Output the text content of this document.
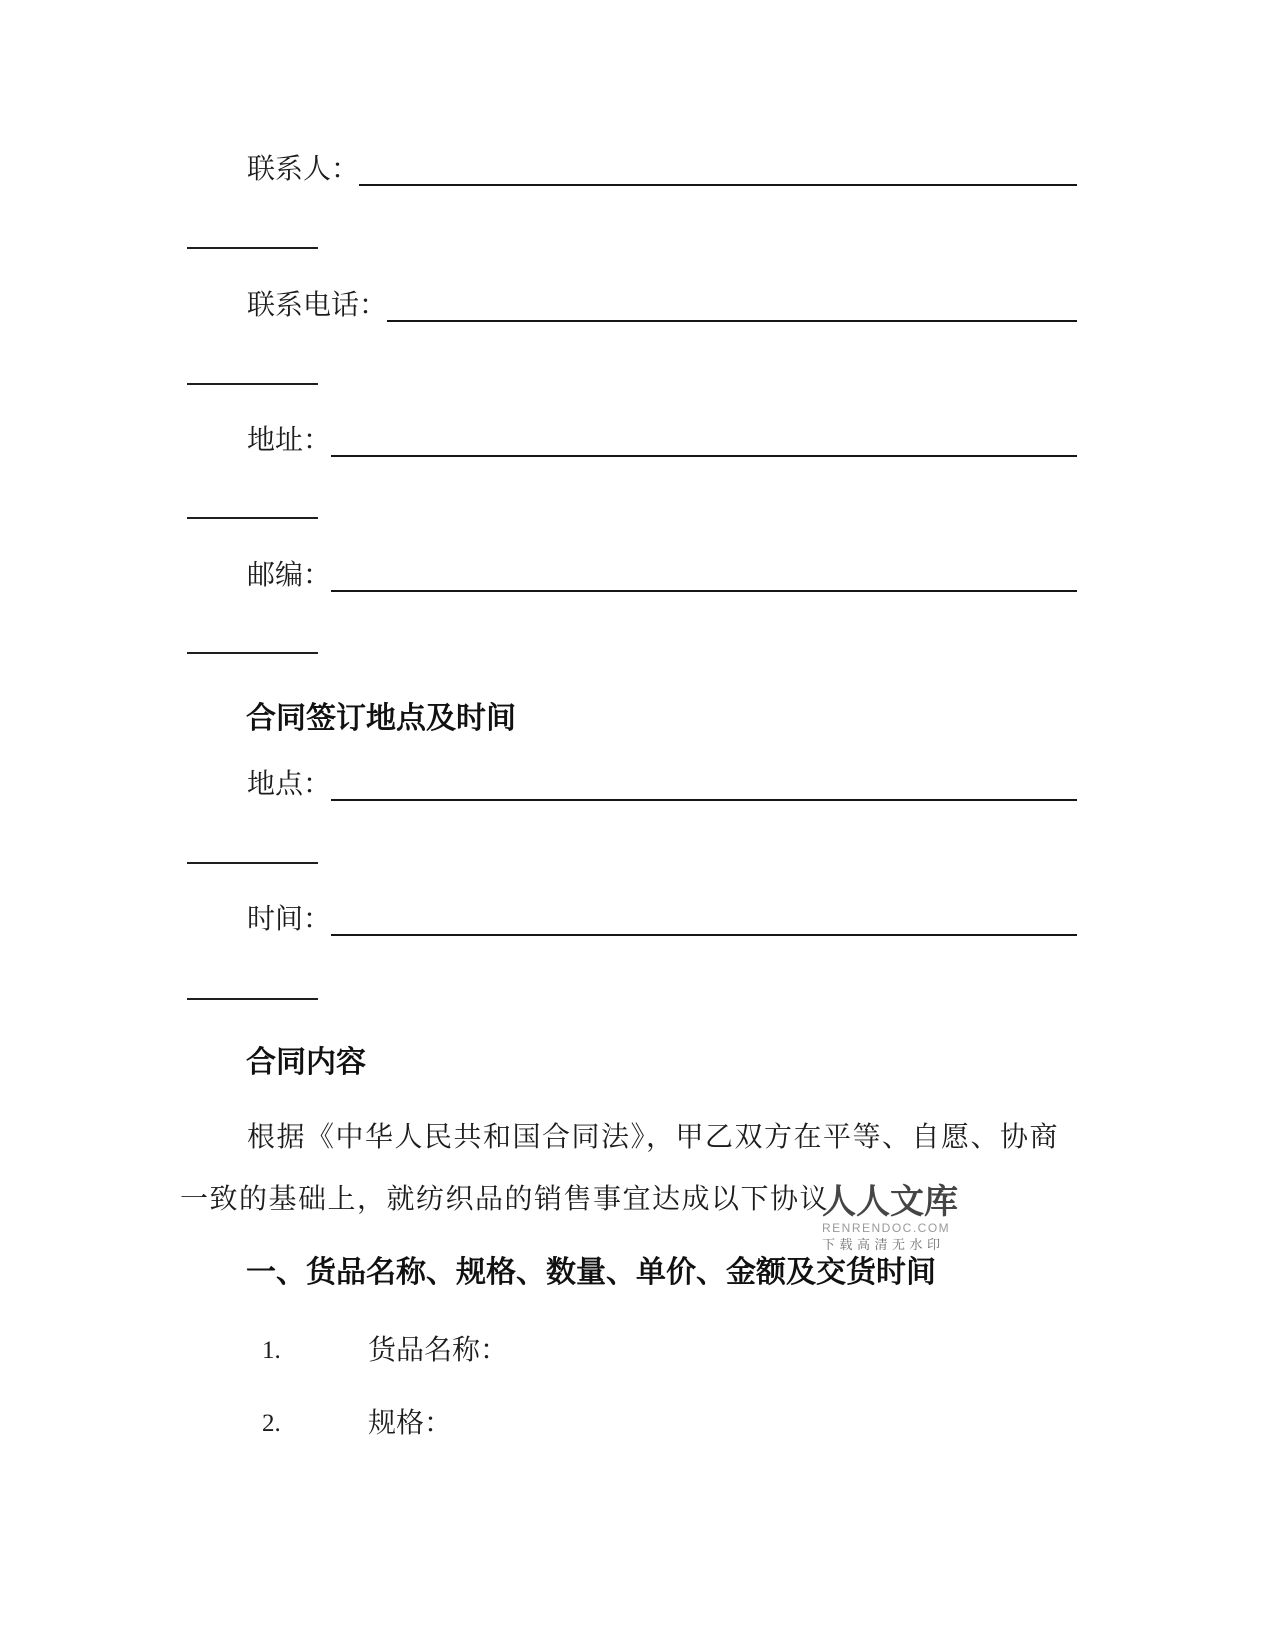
联系人：
联系电话：
地址：
邮编：
合同签订地点及时间
地点：
时间：
合同内容
根据《中华人民共和国合同法》，甲乙双方在平等、自愿、协商
一致的基础上，就纺织品的销售事宜达成以下协议
人人文库
RENRENDOC.COM
下载高清无水印
一、货品名称、规格、数量、单价、金额及交货时间
1.	货品名称：
2.	规格：
